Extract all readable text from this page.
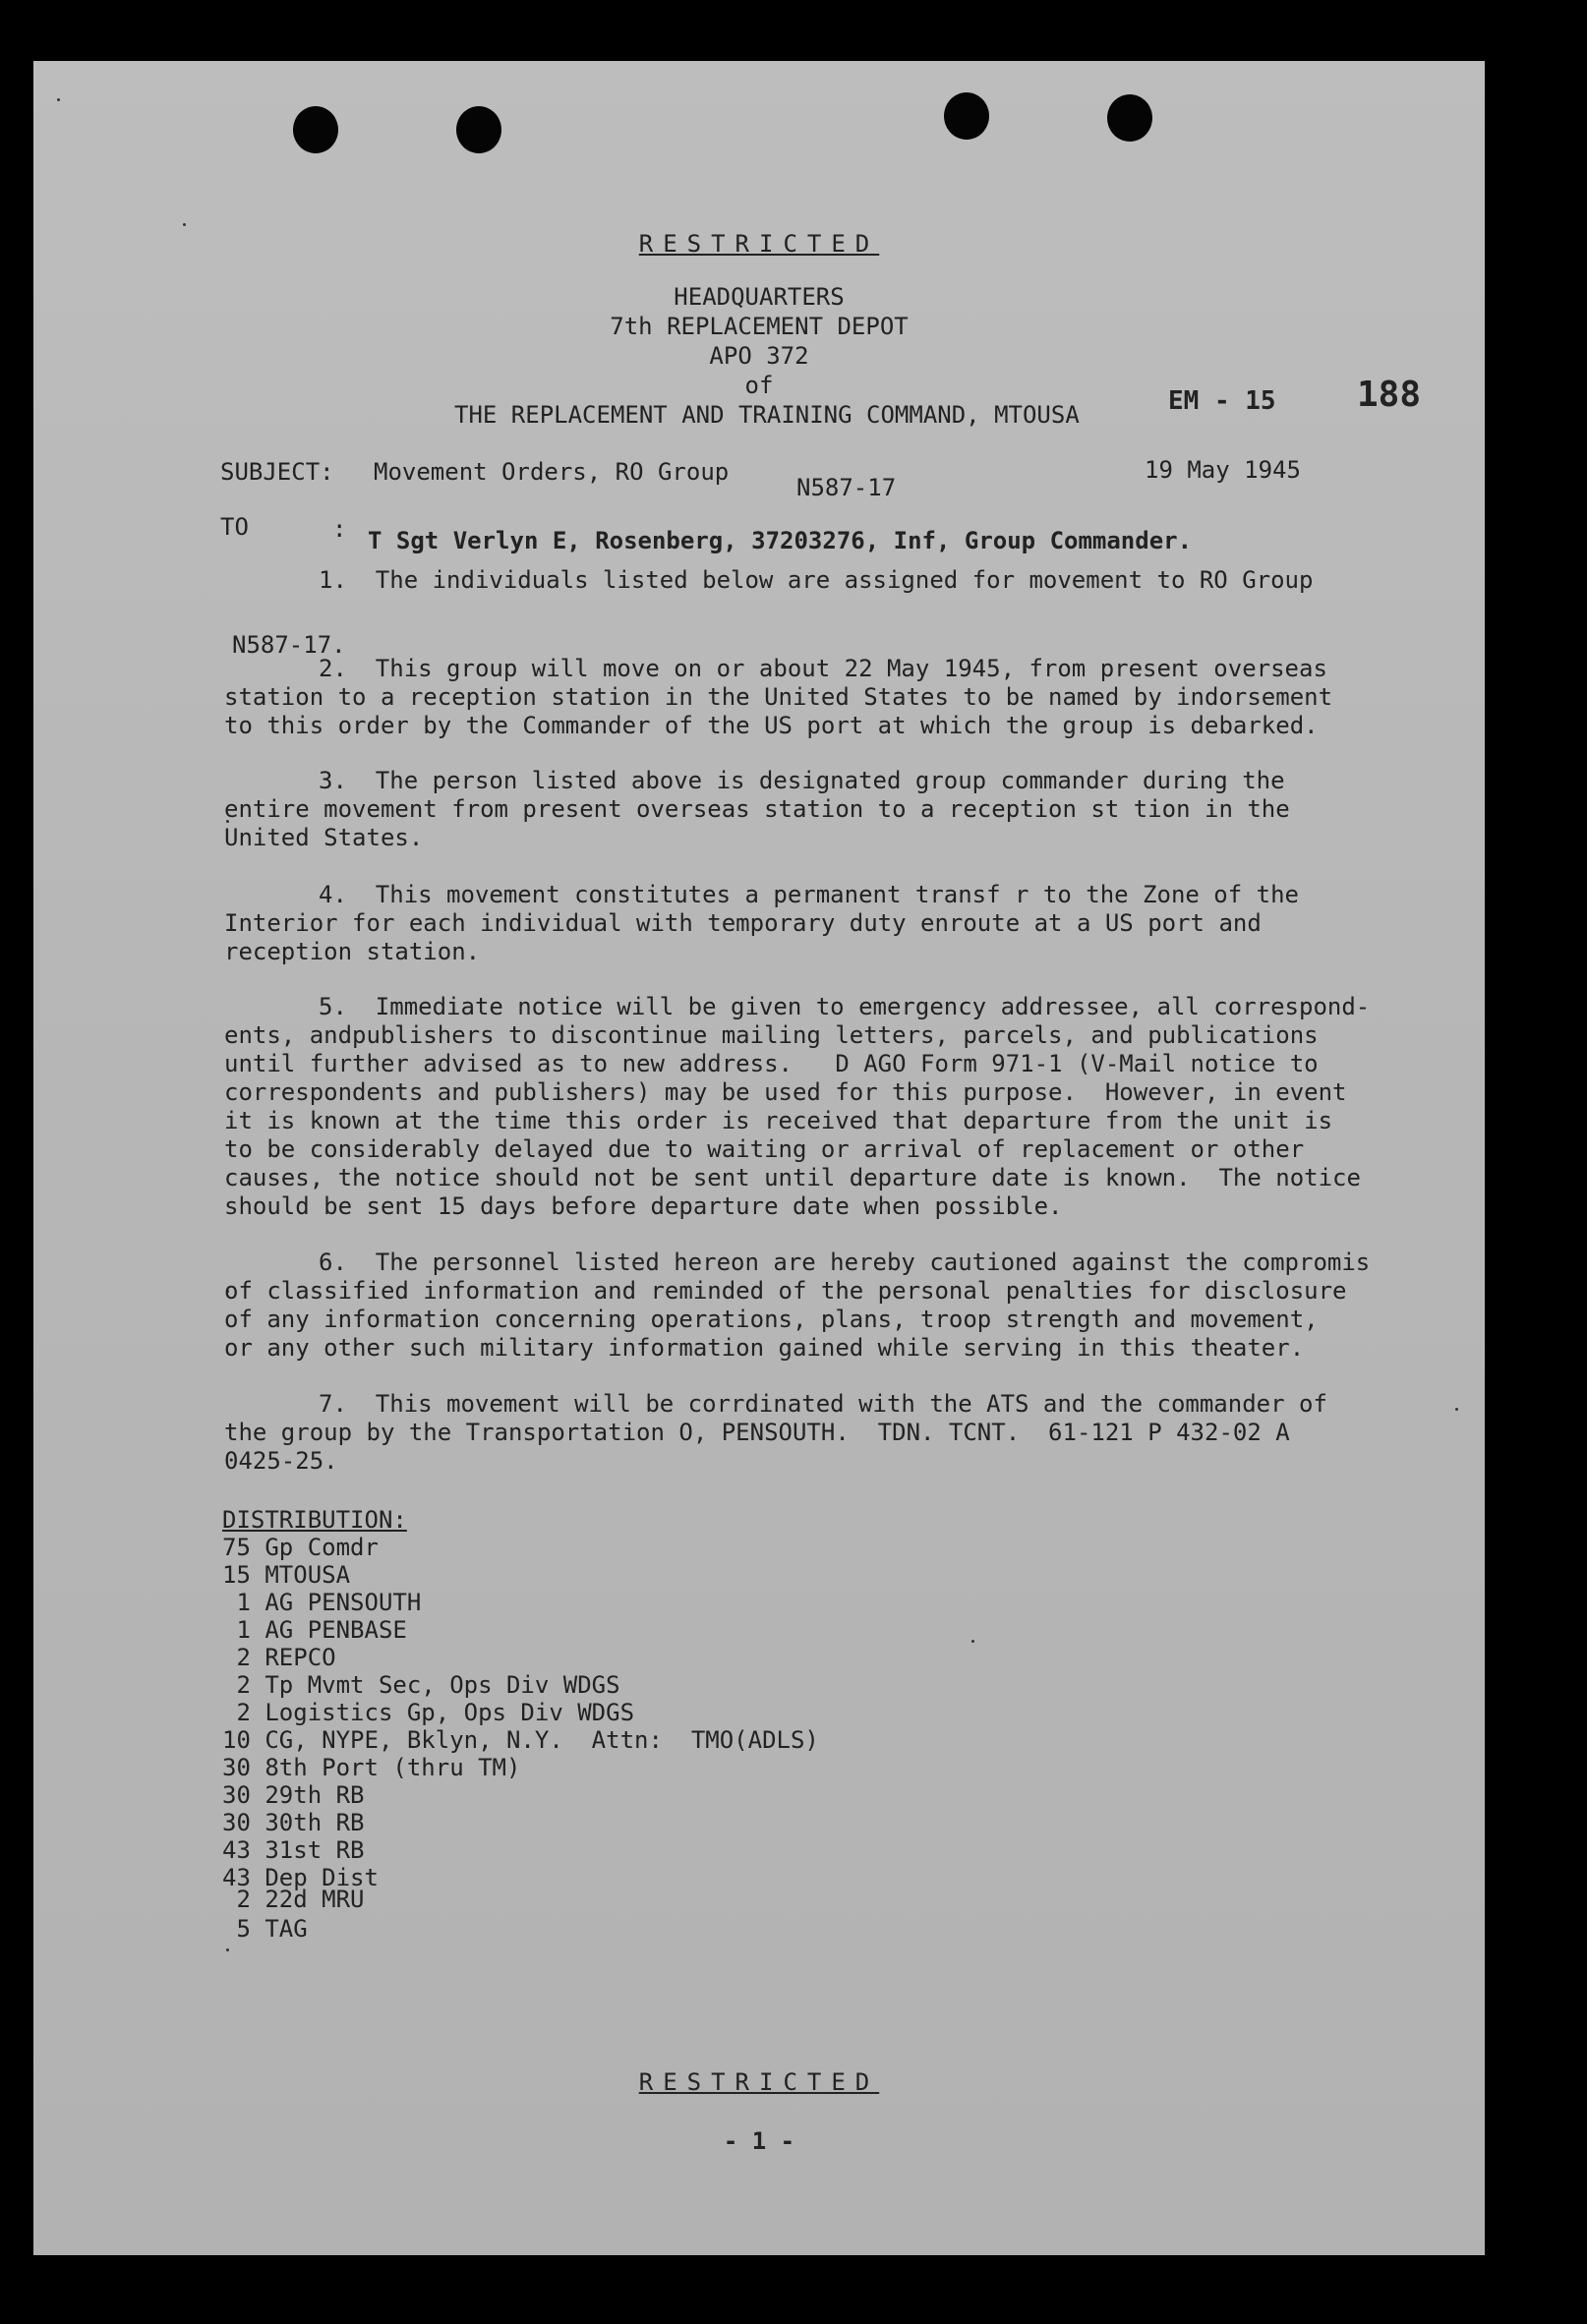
RESTRICTED
HEADQUARTERS
7th REPLACEMENT DEPOT
APO 372
of
THE REPLACEMENT AND TRAINING COMMAND, MTOUSA	EM - 15 188
SUBJECT: Movement Orders, RO Group
N587-17
19 May 1945
TO	: T Sgt Verlyn E, Rosenberg, 37203276, Inf, Group Commander.
1.  The individuals listed below are assigned for movement to RO Group
N587-17.
2.  This group will move on or about 22 May 1945, from present overseas
station to a reception station in the United States to be named by indorsement
to this order by the Commander of the US port at which the group is debarked.
3.  The person listed above is designated group commander during the
entire movement from present overseas station to a reception st tion in the
United States.
4.  This movement constitutes a permanent transf r to the Zone of the
Interior for each individual with temporary duty enroute at a US port and
reception station.
5.  Immediate notice will be given to emergency addressee, all correspond-
ents, andpublishers to discontinue mailing letters, parcels, and publications
until further advised as to new address.   D AGO Form 971-1 (V-Mail notice to
correspondents and publishers) may be used for this purpose.  However, in event
it is known at the time this order is received that departure from the unit is
to be considerably delayed due to waiting or arrival of replacement or other
causes, the notice should not be sent until departure date is known.  The notice
should be sent 15 days before departure date when possible.
6.  The personnel listed hereon are hereby cautioned against the compromis
of classified information and reminded of the personal penalties for disclosure
of any information concerning operations, plans, troop strength and movement,
or any other such military information gained while serving in this theater.
7.  This movement will be corrdinated with the ATS and the commander of
the group by the Transportation O, PENSOUTH.  TDN. TCNT.  61-121 P 432-02 A
0425-25.
DISTRIBUTION:
75 Gp Comdr
15 MTOUSA
1 AG PENSOUTH
1 AG PENBASE
2 REPCO
2 Tp Mvmt Sec, Ops Div WDGS
2 Logistics Gp, Ops Div WDGS
10 CG, NYPE, Bklyn, N.Y.  Attn:  TMO(ADLS)
30 8th Port (thru TM)
30 29th RB
30 30th RB
43 31st RB
43 Dep Dist
2 22d MRU
5 TAG
RESTRICTED
- 1 -
